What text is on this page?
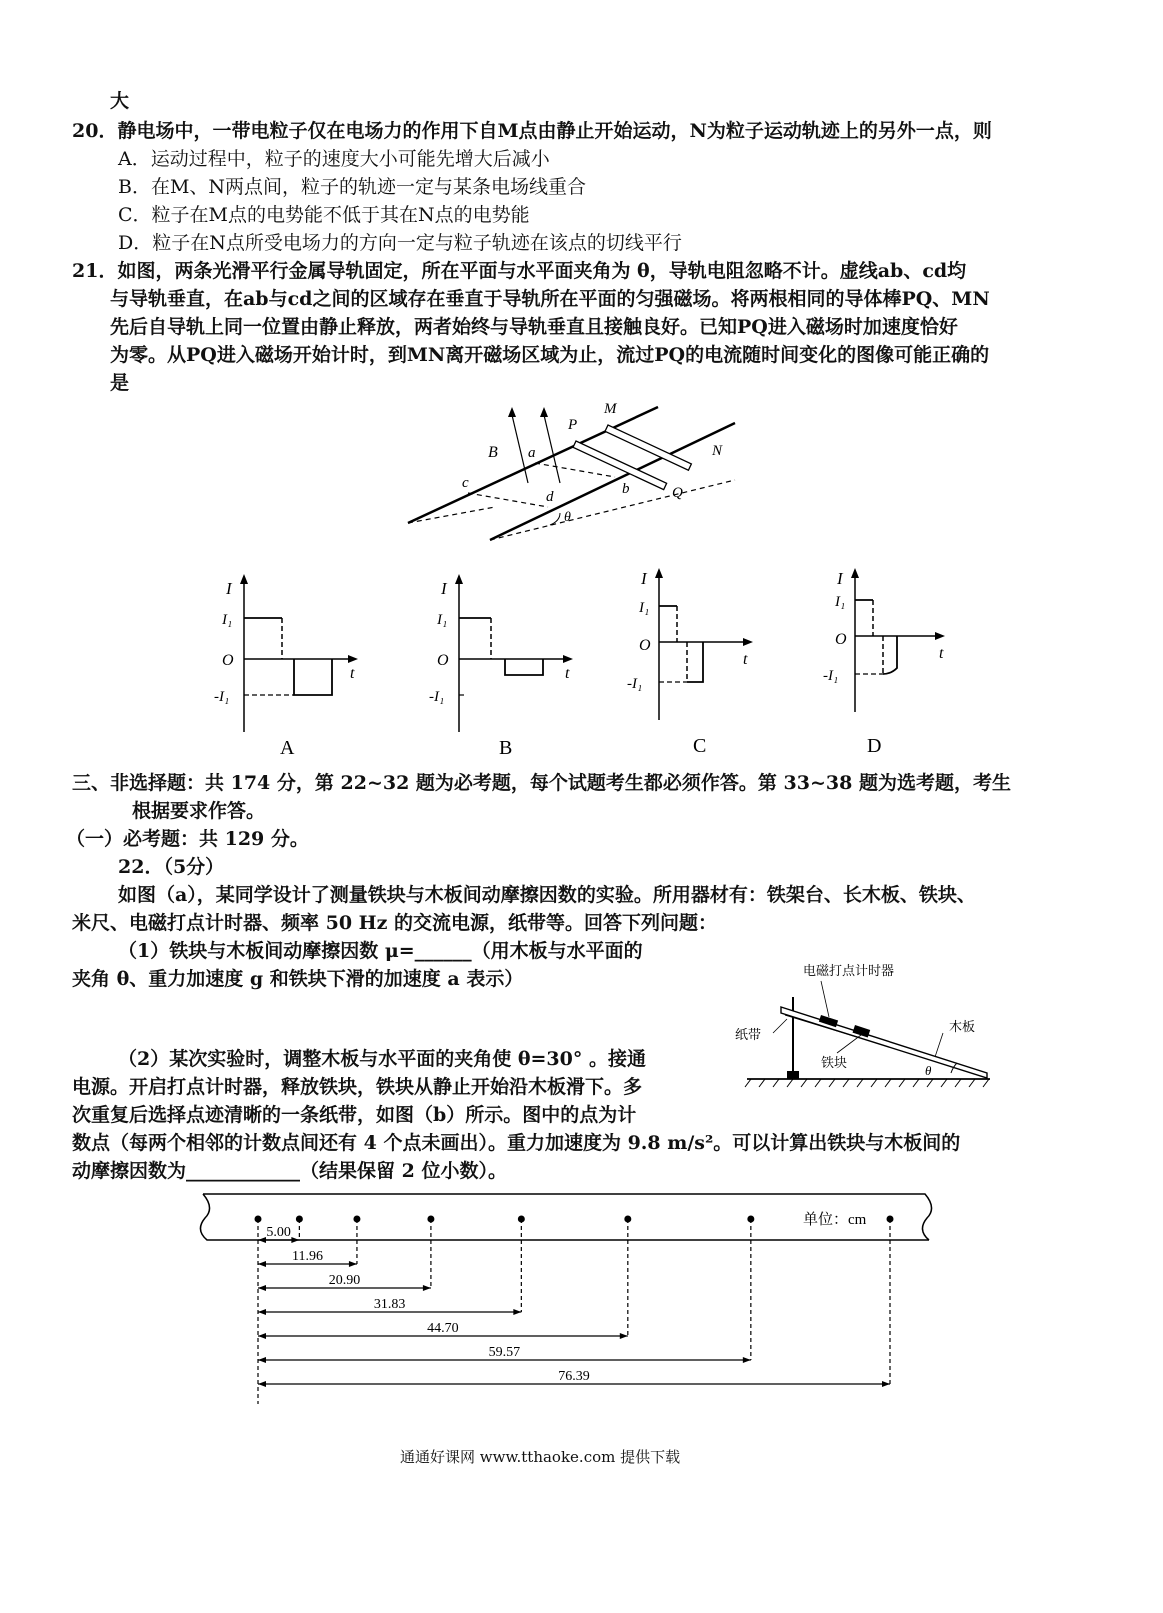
大
20．静电场中，一带电粒子仅在电场力的作用下自M点由静止开始运动，N为粒子运动轨迹上的另外一点，则
A．运动过程中，粒子的速度大小可能先增大后减小
B．在M、N两点间，粒子的轨迹一定与某条电场线重合
C．粒子在M点的电势能不低于其在N点的电势能
D．粒子在N点所受电场力的方向一定与粒子轨迹在该点的切线平行
21．如图，两条光滑平行金属导轨固定，所在平面与水平面夹角为 θ，导轨电阻忽略不计。虚线ab、cd均
与导轨垂直，在ab与cd之间的区域存在垂直于导轨所在平面的匀强磁场。将两根相同的导体棒PQ、MN
先后自导轨上同一位置由静止释放，两者始终与导轨垂直且接触良好。已知PQ进入磁场时加速度恰好
为零。从PQ进入磁场开始计时，到MN离开磁场区域为止，流过PQ的电流随时间变化的图像可能正确的
是
B a
P
M
N
Q
b
c
d
θ
I
I₁
O
-I₁
t
A
I
I₁
O
-I₁
t
B
I
I₁
O
-I₁
t
C
I
I₁
O
-I₁
t
D
三、非选择题：共 174 分，第 22~32 题为必考题，每个试题考生都必须作答。第 33~38 题为选考题，考生
根据要求作答。
（一）必考题：共 129 分。
22．（5分）
如图（a），某同学设计了测量铁块与木板间动摩擦因数的实验。所用器材有：铁架台、长木板、铁块、
米尺、电磁打点计时器、频率 50 Hz 的交流电源，纸带等。回答下列问题：
（1）铁块与木板间动摩擦因数 μ=______（用木板与水平面的
夹角 θ、重力加速度 g 和铁块下滑的加速度 a 表示）
（2）某次实验时，调整木板与水平面的夹角使 θ=30° 。接通
电源。开启打点计时器，释放铁块，铁块从静止开始沿木板滑下。多
次重复后选择点迹清晰的一条纸带，如图（b）所示。图中的点为计
数点（每两个相邻的计数点间还有 4 个点未画出）。重力加速度为 9.8 m/s²。可以计算出铁块与木板间的
动摩擦因数为____________（结果保留 2 位小数）。
电磁打点计时器
纸带
木板
铁块
θ
5.00
11.96
20.90
31.83
44.70
59.57
76.39
单位：cm
通通好课网 www.tthaoke.com 提供下载
